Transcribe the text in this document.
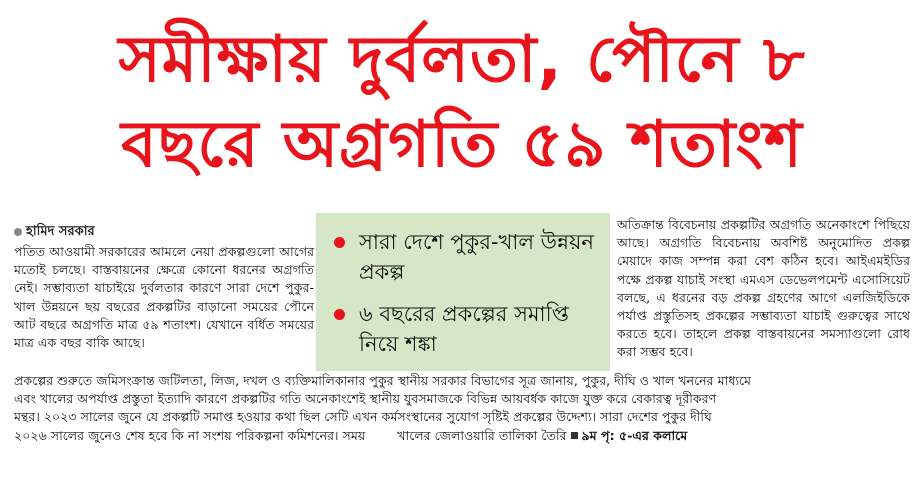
সমীক্ষায় দুর্বলতা, পৌনে ৮
বছরে অগ্রগতি ৫৯ শতাংশ
হামিদ সরকার

পতিত আওয়ামী সরকারের আমলে নেয়া প্রকল্পগুলো আগের মতোই চলছে। বাস্তবায়নের ক্ষেত্রে কোনো ধরনের অগ্রগতি নেই। সম্ভাব্যতা যাচাইয়ে দুর্বলতার কারণে সারা দেশে পুকুর-খাল উন্নয়নে ছয় বছরের প্রকল্পটির বাড়ানো সময়ের পৌনে আট বছরে অগ্রগতি মাত্র ৫৯ শতাংশ। যেখানে বর্ধিত সময়ের মাত্র এক বছর বাকি আছে।

সারা দেশে পুকুর-খাল উন্নয়ন প্রকল্প
৬ বছরের প্রকল্পের সমাপ্তি নিয়ে শঙ্কা

অতিক্রান্ত বিবেচনায় প্রকল্পটির অগ্রগতি অনেকাংশে পিছিয়ে আছে। অগ্রগতি বিবেচনায় অবশিষ্ট অনুমোদিত প্রকল্প মেয়াদে কাজ সম্পন্ন করা বেশ কঠিন হবে। আইএমইডির পক্ষে প্রকল্প যাচাই সংস্থা এমএস ডেভেলপমেন্ট এসোসিয়েট বলছে, এ ধরনের বড় প্রকল্প গ্রহণের আগে এলজিইডিকে পর্যাপ্ত প্রস্তুতিসহ প্রকল্পের সম্ভাব্যতা যাচাই গুরুত্বের সাথে করতে হবে। তাহলে প্রকল্প বাস্তবায়নের সমস্যাগুলো রোধ করা সম্ভব হবে।

প্রকল্পের শুরুতে জমিসংক্রান্ত জটিলতা, লিজ, দখল ও ব্যক্তিমালিকানার পুকুর স্থানীয় সরকার বিভাগের সূত্র জানায়, পুকুর, দীঘি ও খাল খননের মাধ্যমে

এবং খালের অপর্যাপ্ত প্রস্তুতা ইত্যাদি কারণে প্রকল্পটির গতি অনেকাংশেই স্থানীয় যুবসমাজকে বিভিন্ন আয়বর্ধক কাজে যুক্ত করে বেকারত্ব দূরীকরণ

মন্থর। ২০২৩ সালের জুনে যে প্রকল্পটি সমাপ্ত হওয়ার কথা ছিল সেটি এখন কর্মসংস্থানের সুযোগ সৃষ্টিই প্রকল্পের উদ্দেশ্য। সারা দেশের পুকুর দীঘি

২০২৬ সালের জুনেও শেষ হবে কি না সংশয় পরিকল্পনা কমিশনের। সময়	খালের জেলাওয়ারি তালিকা তৈরি ৯ম পৃ: ৫-এর কলামে
